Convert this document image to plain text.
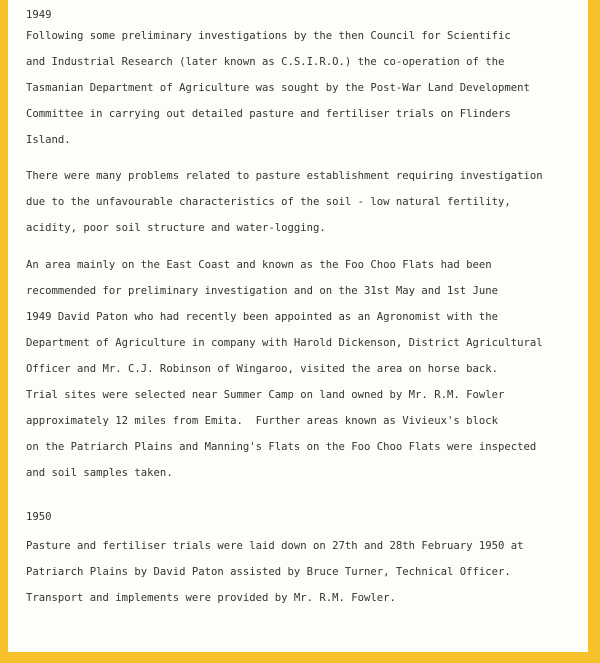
1949
Following some preliminary investigations by the then Council for Scientific
and Industrial Research (later known as C.S.I.R.O.) the co-operation of the
Tasmanian Department of Agriculture was sought by the Post-War Land Development
Committee in carrying out detailed pasture and fertiliser trials on Flinders
Island.
There were many problems related to pasture establishment requiring investigation
due to the unfavourable characteristics of the soil - low natural fertility,
acidity, poor soil structure and water-logging.
An area mainly on the East Coast and known as the Foo Choo Flats had been
recommended for preliminary investigation and on the 31st May and 1st June
1949 David Paton who had recently been appointed as an Agronomist with the
Department of Agriculture in company with Harold Dickenson, District Agricultural
Officer and Mr. C.J. Robinson of Wingaroo, visited the area on horse back.
Trial sites were selected near Summer Camp on land owned by Mr. R.M. Fowler
approximately 12 miles from Emita.  Further areas known as Vivieux's block
on the Patriarch Plains and Manning's Flats on the Foo Choo Flats were inspected
and soil samples taken.
1950
Pasture and fertiliser trials were laid down on 27th and 28th February 1950 at
Patriarch Plains by David Paton assisted by Bruce Turner, Technical Officer.
Transport and implements were provided by Mr. R.M. Fowler.
